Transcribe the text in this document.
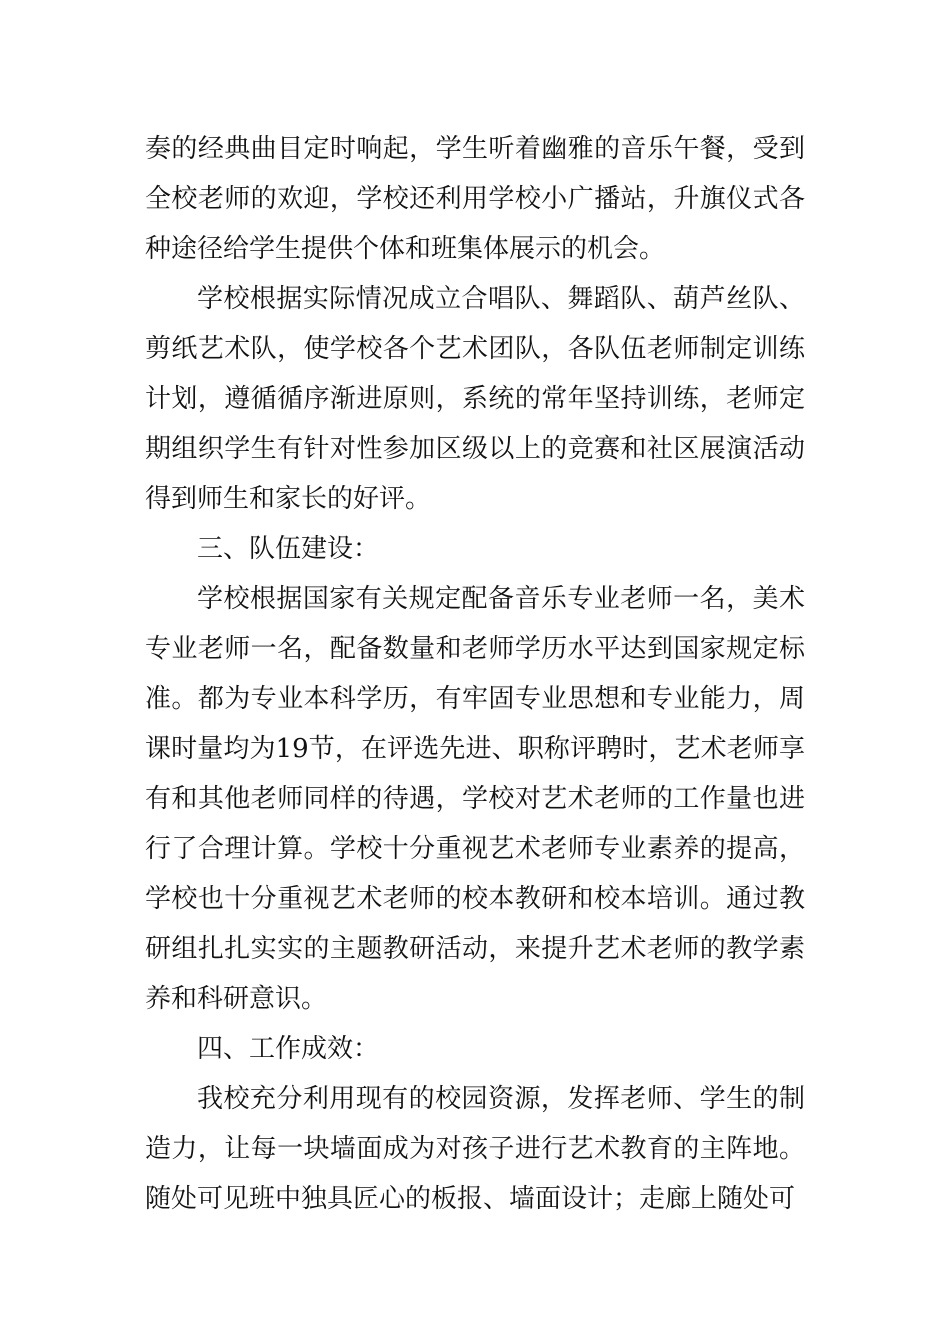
奏的经典曲目定时响起，学生听着幽雅的音乐午餐，受到全校老师的欢迎，学校还利用学校小广播站，升旗仪式各种途径给学生提供个体和班集体展示的机会。

学校根据实际情况成立合唱队、舞蹈队、葫芦丝队、剪纸艺术队，使学校各个艺术团队，各队伍老师制定训练计划，遵循循序渐进原则，系统的常年坚持训练，老师定期组织学生有针对性参加区级以上的竞赛和社区展演活动得到师生和家长的好评。

三、队伍建设：

学校根据国家有关规定配备音乐专业老师一名，美术专业老师一名，配备数量和老师学历水平达到国家规定标准。都为专业本科学历，有牢固专业思想和专业能力，周课时量均为19节，在评选先进、职称评聘时，艺术老师享有和其他老师同样的待遇，学校对艺术老师的工作量也进行了合理计算。学校十分重视艺术老师专业素养的提高，学校也十分重视艺术老师的校本教研和校本培训。通过教研组扎扎实实的主题教研活动，来提升艺术老师的教学素养和科研意识。

四、工作成效：

我校充分利用现有的校园资源，发挥老师、学生的制造力，让每一块墙面成为对孩子进行艺术教育的主阵地。随处可见班中独具匠心的板报、墙面设计；走廊上随处可
